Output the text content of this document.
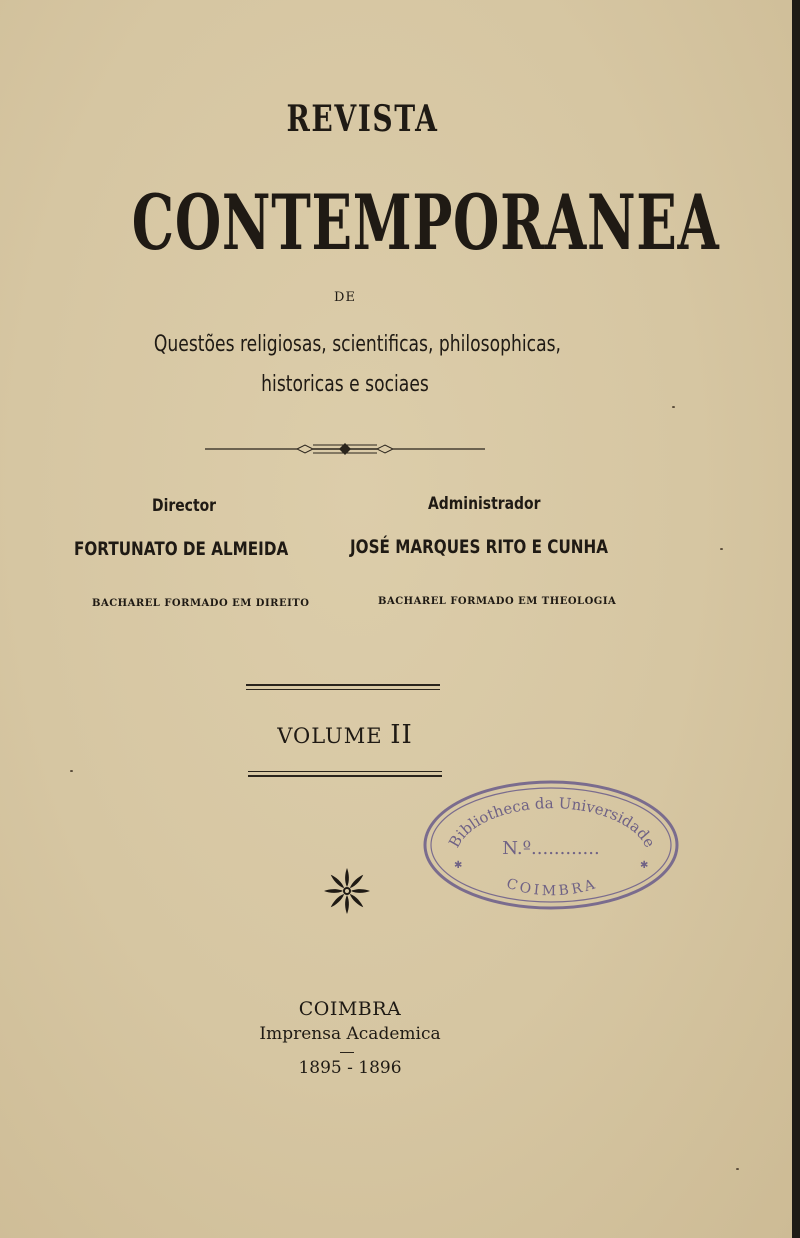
REVISTA
CONTEMPORANEA
DE
Questões religiosas, scientificas, philosophicas,
historicas e sociaes
Director	Administrador
FORTUNATO DE ALMEIDA	JOSÉ MARQUES RITO E CUNHA
BACHAREL FORMADO EM DIREITO	BACHAREL FORMADO EM THEOLOGIA
VOLUME II
Bibliotheca da Universidade
N.º............
COIMBRA
✱	✱
COIMBRA
Imprensa Academica
1895 - 1896
